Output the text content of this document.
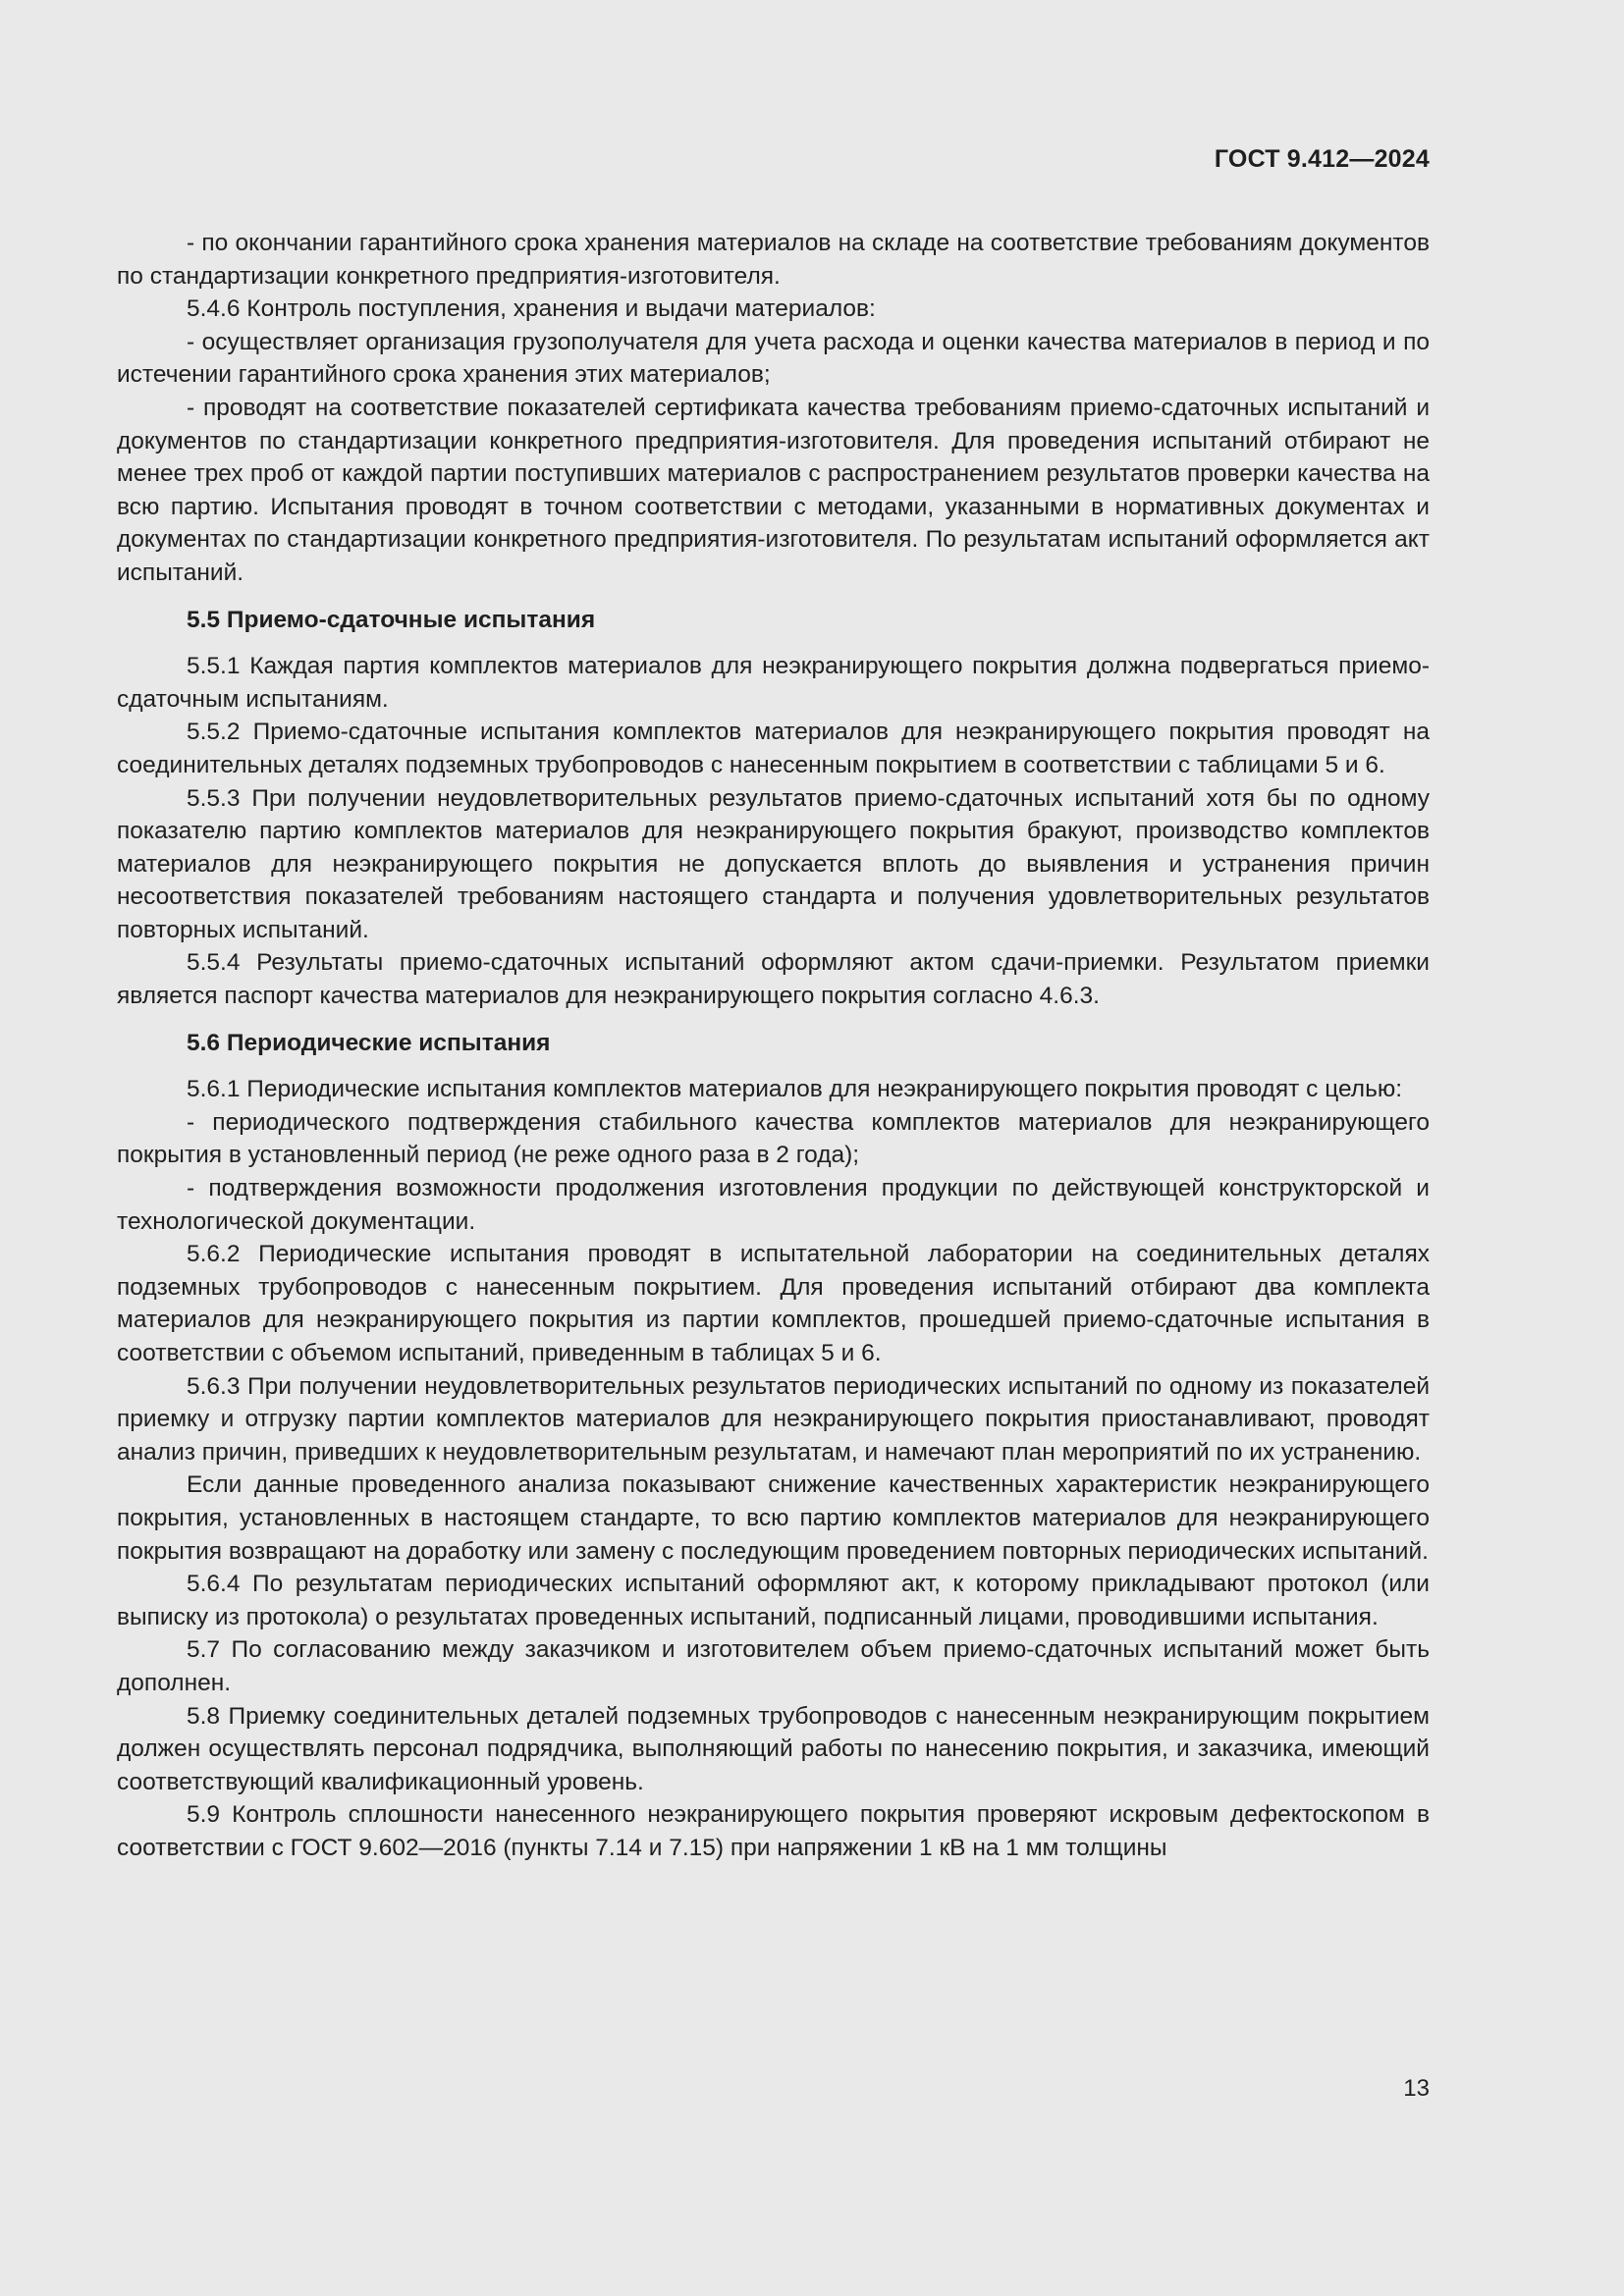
ГОСТ 9.412—2024

- по окончании гарантийного срока хранения материалов на складе на соответствие требованиям документов по стандартизации конкретного предприятия-изготовителя.

5.4.6 Контроль поступления, хранения и выдачи материалов:

- осуществляет организация грузополучателя для учета расхода и оценки качества материалов в период и по истечении гарантийного срока хранения этих материалов;

- проводят на соответствие показателей сертификата качества требованиям приемо-сдаточных испытаний и документов по стандартизации конкретного предприятия-изготовителя. Для проведения испытаний отбирают не менее трех проб от каждой партии поступивших материалов с распространением результатов проверки качества на всю партию. Испытания проводят в точном соответствии с методами, указанными в нормативных документах и документах по стандартизации конкретного предприятия-изготовителя. По результатам испытаний оформляется акт испытаний.

5.5 Приемо-сдаточные испытания

5.5.1 Каждая партия комплектов материалов для неэкранирующего покрытия должна подвергаться приемо-сдаточным испытаниям.

5.5.2 Приемо-сдаточные испытания комплектов материалов для неэкранирующего покрытия проводят на соединительных деталях подземных трубопроводов с нанесенным покрытием в соответствии с таблицами 5 и 6.

5.5.3 При получении неудовлетворительных результатов приемо-сдаточных испытаний хотя бы по одному показателю партию комплектов материалов для неэкранирующего покрытия бракуют, производство комплектов материалов для неэкранирующего покрытия не допускается вплоть до выявления и устранения причин несоответствия показателей требованиям настоящего стандарта и получения удовлетворительных результатов повторных испытаний.

5.5.4 Результаты приемо-сдаточных испытаний оформляют актом сдачи-приемки. Результатом приемки является паспорт качества материалов для неэкранирующего покрытия согласно 4.6.3.

5.6 Периодические испытания

5.6.1 Периодические испытания комплектов материалов для неэкранирующего покрытия проводят с целью:

- периодического подтверждения стабильного качества комплектов материалов для неэкранирующего покрытия в установленный период (не реже одного раза в 2 года);

- подтверждения возможности продолжения изготовления продукции по действующей конструкторской и технологической документации.

5.6.2 Периодические испытания проводят в испытательной лаборатории на соединительных деталях подземных трубопроводов с нанесенным покрытием. Для проведения испытаний отбирают два комплекта материалов для неэкранирующего покрытия из партии комплектов, прошедшей приемо-сдаточные испытания в соответствии с объемом испытаний, приведенным в таблицах 5 и 6.

5.6.3 При получении неудовлетворительных результатов периодических испытаний по одному из показателей приемку и отгрузку партии комплектов материалов для неэкранирующего покрытия приостанавливают, проводят анализ причин, приведших к неудовлетворительным результатам, и намечают план мероприятий по их устранению.

Если данные проведенного анализа показывают снижение качественных характеристик неэкранирующего покрытия, установленных в настоящем стандарте, то всю партию комплектов материалов для неэкранирующего покрытия возвращают на доработку или замену с последующим проведением повторных периодических испытаний.

5.6.4 По результатам периодических испытаний оформляют акт, к которому прикладывают протокол (или выписку из протокола) о результатах проведенных испытаний, подписанный лицами, проводившими испытания.

5.7 По согласованию между заказчиком и изготовителем объем приемо-сдаточных испытаний может быть дополнен.

5.8 Приемку соединительных деталей подземных трубопроводов с нанесенным неэкранирующим покрытием должен осуществлять персонал подрядчика, выполняющий работы по нанесению покрытия, и заказчика, имеющий соответствующий квалификационный уровень.

5.9 Контроль сплошности нанесенного неэкранирующего покрытия проверяют искровым дефектоскопом в соответствии с ГОСТ 9.602—2016 (пункты 7.14 и 7.15) при напряжении 1 кВ на 1 мм толщины

13
